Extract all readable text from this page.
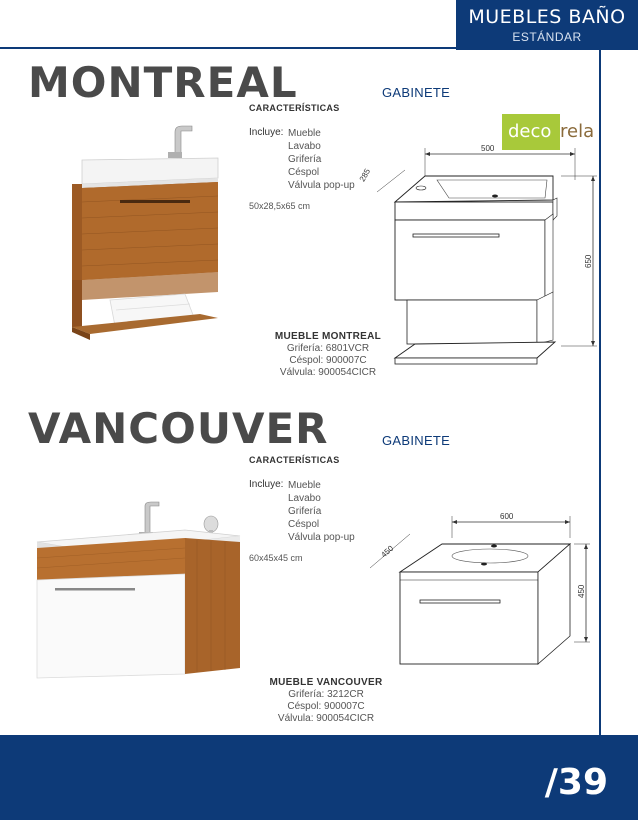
MUEBLES BAÑO
ESTÁNDAR
MONTREAL	GABINETE
CARACTERÍSTICAS
Incluye: Mueble
Lavabo
Grifería
Céspol
Válvula pop-up
50x28,5x65 cm
deco rela
500
285
650
MUEBLE MONTREAL
Grifería: 6801VCR
Céspol: 900007C
Válvula: 900054CICR
VANCOUVER	GABINETE
CARACTERÍSTICAS
Incluye: Mueble
Lavabo
Grifería
Céspol
Válvula pop-up
60x45x45 cm
600
450
450
MUEBLE VANCOUVER
Grifería: 3212CR
Céspol: 900007C
Válvula: 900054CICR
/39
